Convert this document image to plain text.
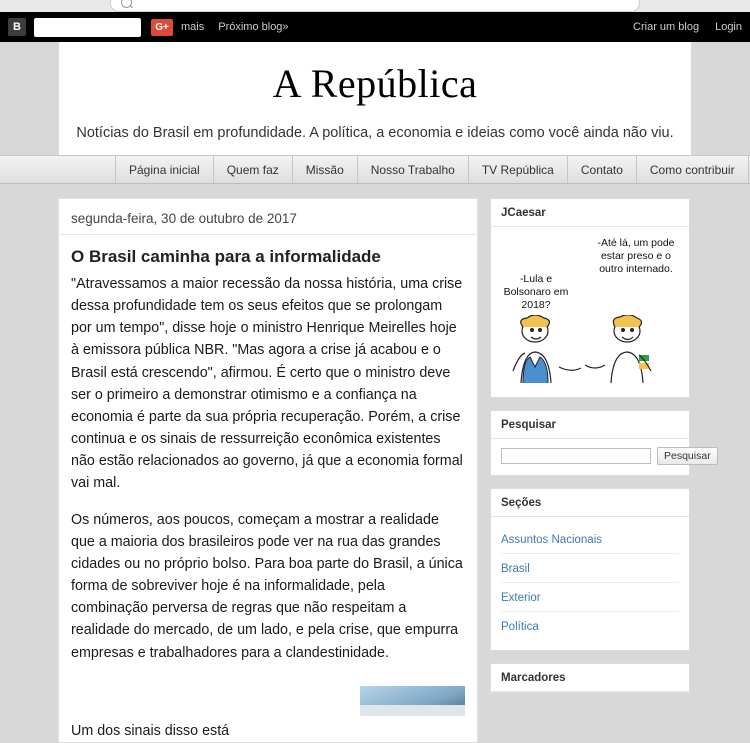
B	G+	mais Próximo blog»	Criar um blog Login
A República
Notícias do Brasil em profundidade. A política, a economia e ideias como você ainda não viu.
Página inicial	Quem faz	Missão	Nosso Trabalho	TV República	Contato	Como contribuir
segunda-feira, 30 de outubro de 2017
O Brasil caminha para a informalidade

"Atravessamos a maior recessão da nossa história, uma crise dessa profundidade tem os seus efeitos que se prolongam por um tempo", disse hoje o ministro Henrique Meirelles hoje à emissora pública NBR. "Mas agora a crise já acabou e o Brasil está crescendo", afirmou. É certo que o ministro deve ser o primeiro a demonstrar otimismo e a confiança na economia é parte da sua própria recuperação. Porém, a crise continua e os sinais de ressurreição econômica existentes não estão relacionados ao governo, já que a economia formal vai mal.

Os números, aos poucos, começam a mostrar a realidade que a maioria dos brasileiros pode ver na rua das grandes cidades ou no próprio bolso. Para boa parte do Brasil, a única forma de sobreviver hoje é na informalidade, pela combinação perversa de regras que não respeitam a realidade do mercado, de um lado, e pela crise, que empurra empresas e trabalhadores para a clandestinidade.

Um dos sinais disso está
JCaesar
-Lula e Bolsonaro em 2018?
-Até lá, um pode estar preso e o outro internado.
Pesquisar
Pesquisar
Seções
Assuntos Nacionais
Brasil
Exterior
Política
Marcadores
